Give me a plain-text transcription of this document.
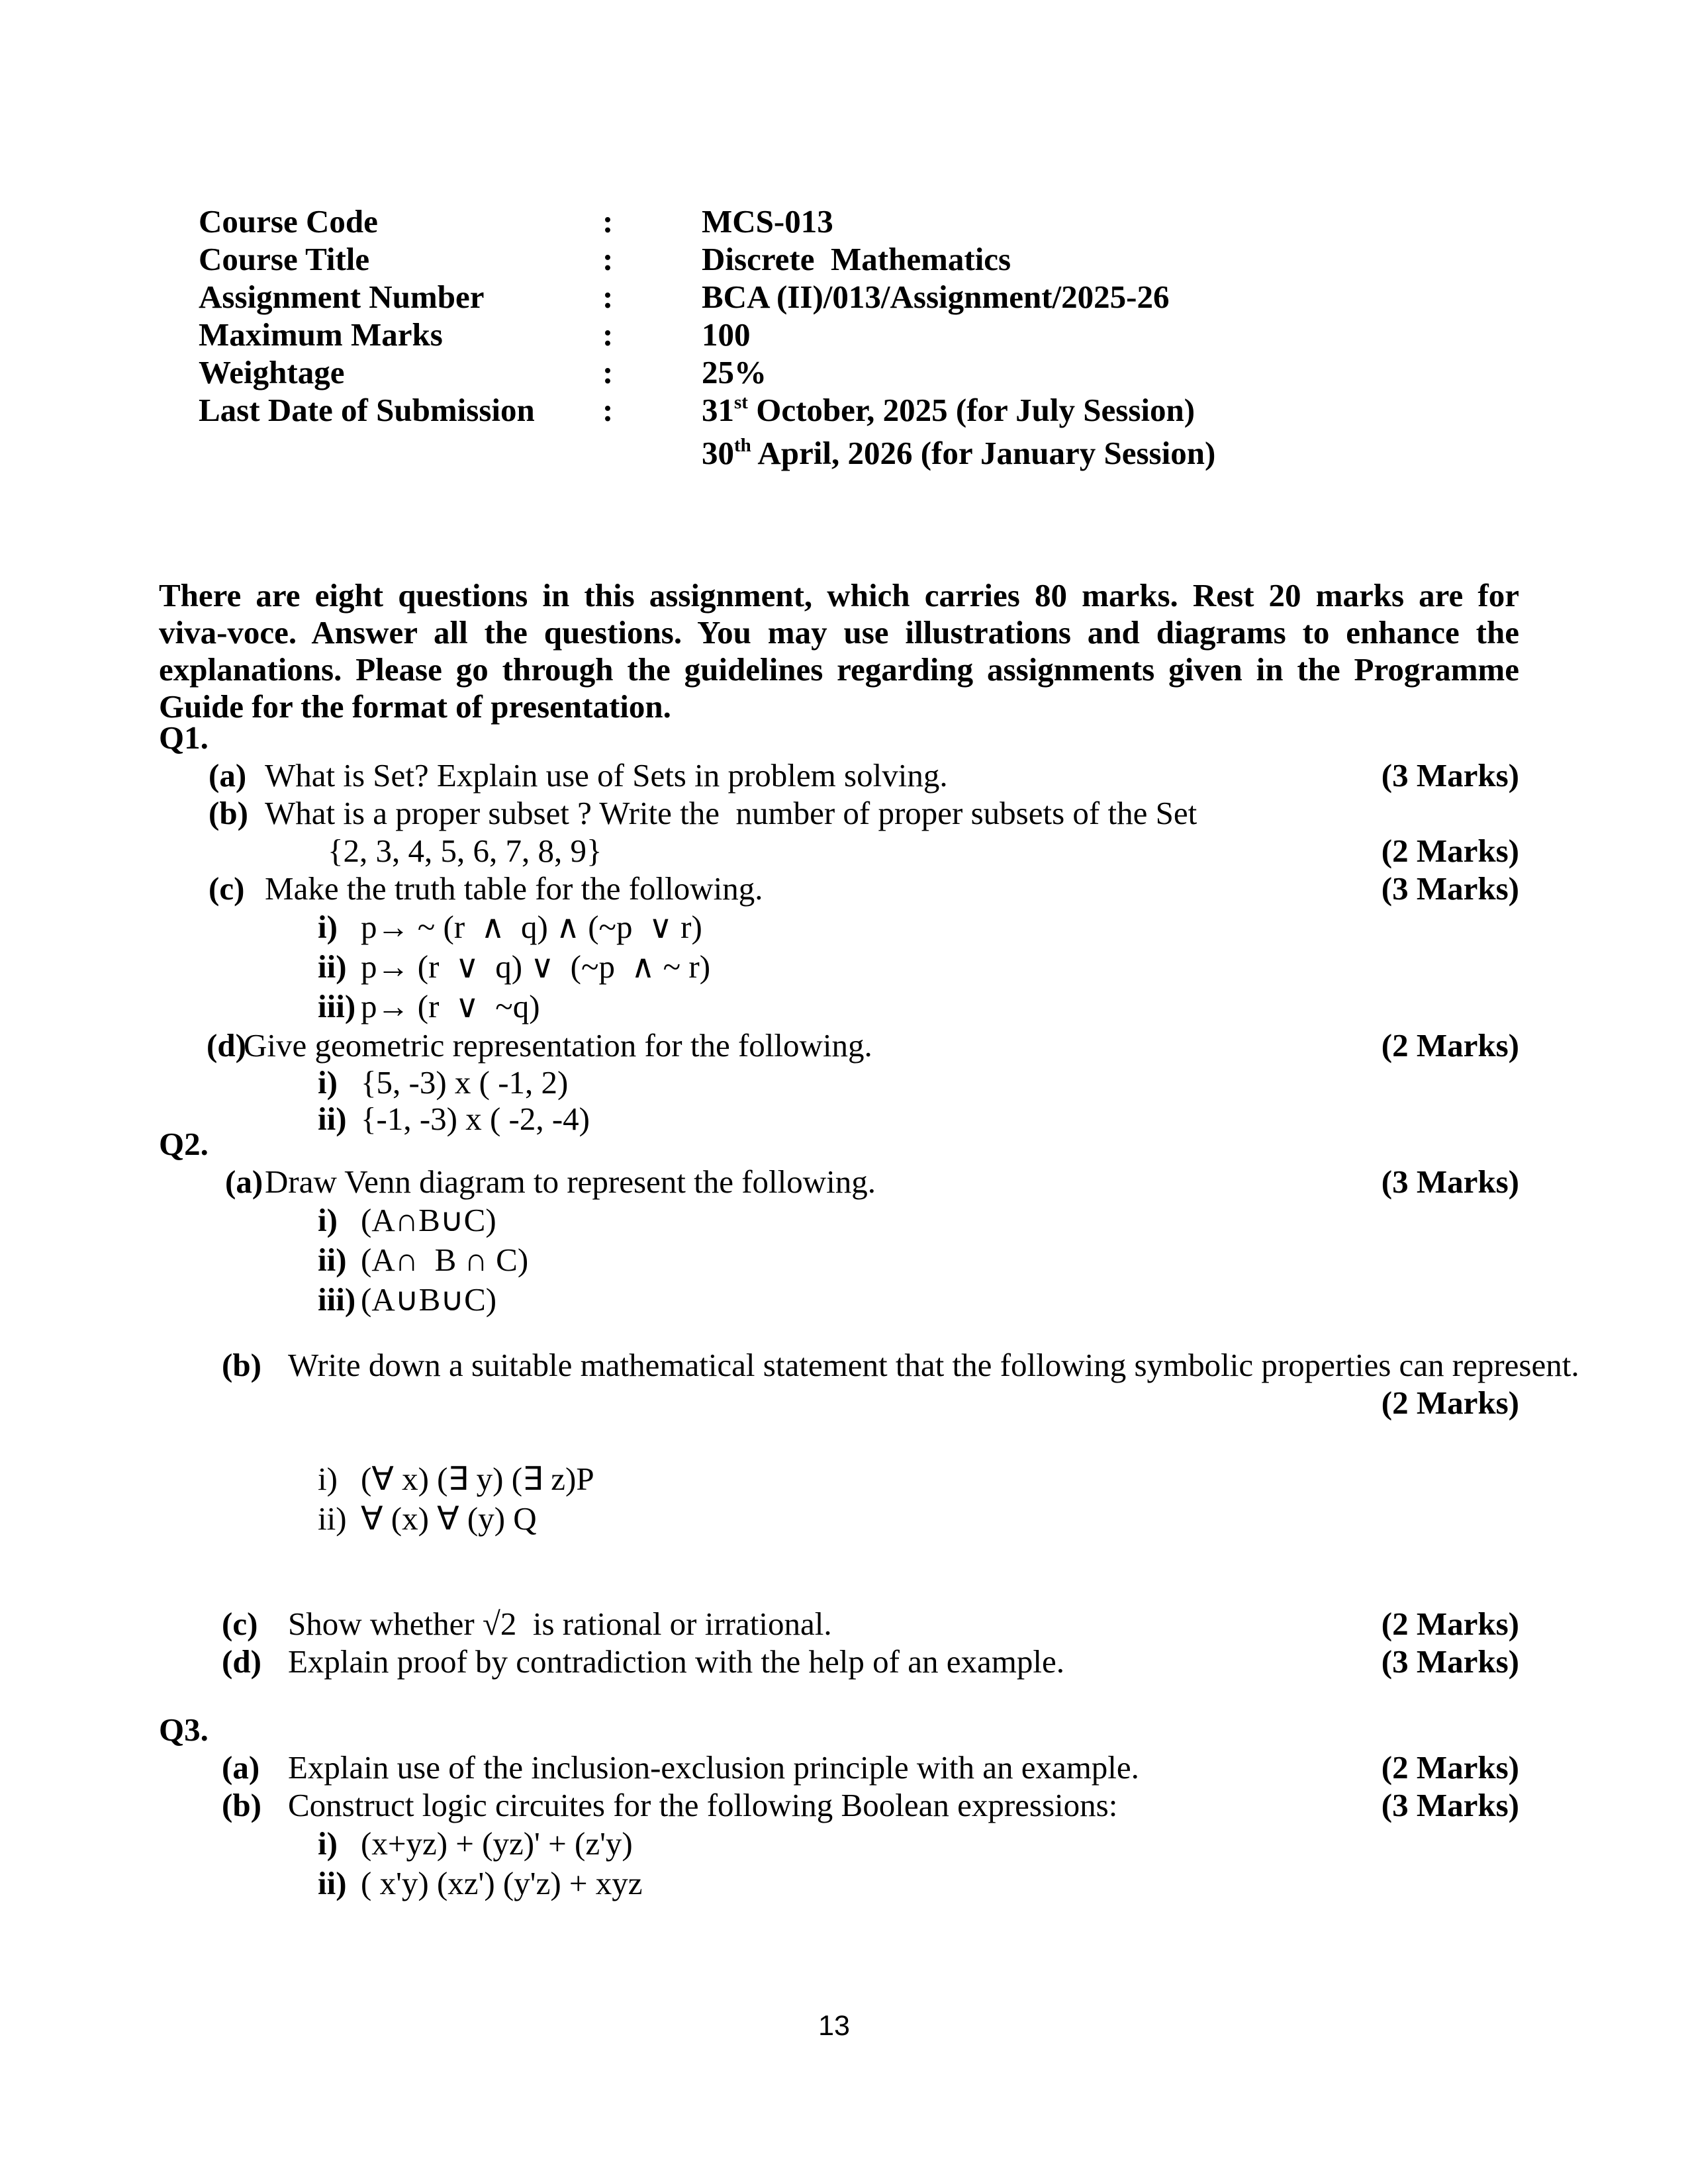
Course Code	:	MCS-013
Course Title	:	Discrete  Mathematics
Assignment Number	:	BCA (II)/013/Assignment/2025-26
Maximum Marks	:	100
Weightage	:	25%
Last Date of Submission	:	31st October, 2025 (for July Session)
30th April, 2026 (for January Session)
There are eight questions in this assignment, which carries 80 marks. Rest 20 marks are for
viva-voce. Answer all the questions. You may use illustrations and diagrams to enhance the
explanations. Please go through the guidelines regarding assignments given in the Programme
Guide for the format of presentation.
Q1.
(a) What is Set? Explain use of Sets in problem solving.	(3 Marks)
(b) What is a proper subset ? Write the  number of proper subsets of the Set
{2, 3, 4, 5, 6, 7, 8, 9}	(2 Marks)
(c) Make the truth table for the following.	(3 Marks)
i) p→ ~ (r  ∧  q) ∧ (~p  ∨ r)
ii) p→ (r  ∨  q) ∨  (~p  ∧ ~ r)
iii) p→ (r  ∨  ~q)
(d)
Give geometric representation for the following.	(2 Marks)
i) {5, -3) x ( -1, 2)
ii) {-1, -3) x ( -2, -4)
Q2.
(a) Draw Venn diagram to represent the following.	(3 Marks)
i) (A∩B∪C)
ii) (A∩  B ∩ C)
iii) (A∪B∪C)
(b) Write down a suitable mathematical statement that the following symbolic properties can represent.
(2 Marks)
i) (∀ x) (∃ y) (∃ z)P
ii) ∀ (x) ∀ (y) Q
(c) Show whether √2  is rational or irrational.	(2 Marks)
(d) Explain proof by contradiction with the help of an example.	(3 Marks)
Q3.
(a) Explain use of the inclusion-exclusion principle with an example.	(2 Marks)
(b) Construct logic circuites for the following Boolean expressions:	(3 Marks)
i) (x+yz) + (yz)' + (z'y)
ii) ( x'y) (xz') (y'z) + xyz
13
